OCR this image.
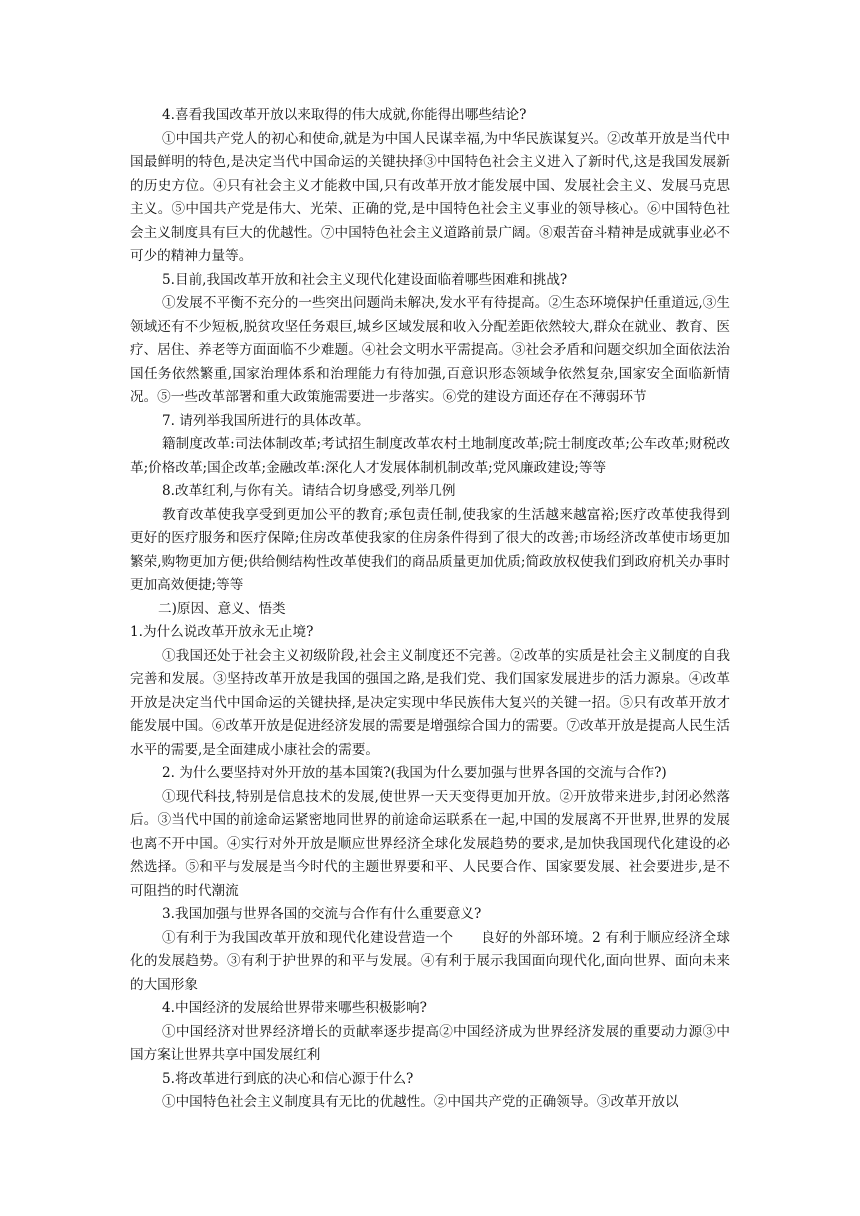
4.喜看我国改革开放以来取得的伟大成就,你能得出哪些结论?

①中国共产党人的初心和使命,就是为中国人民谋幸福,为中华民族谋复兴。②改革开放是当代中国最鲜明的特色,是决定当代中国命运的关键抉择③中国特色社会主义进入了新时代,这是我国发展新的历史方位。④只有社会主义才能救中国,只有改革开放才能发展中国、发展社会主义、发展马克思主义。⑤中国共产党是伟大、光荣、正确的党,是中国特色社会主义事业的领导核心。⑥中国特色社会主义制度具有巨大的优越性。⑦中国特色社会主义道路前景广阔。⑧艰苦奋斗精神是成就事业必不可少的精神力量等。

5.目前,我国改革开放和社会主义现代化建设面临着哪些困难和挑战?

①发展不平衡不充分的一些突出问题尚未解决,发水平有待提高。②生态环境保护任重道远,③生领域还有不少短板,脱贫攻坚任务艰巨,城乡区域发展和收入分配差距依然较大,群众在就业、教育、医疗、居住、养老等方面面临不少难题。④社会文明水平需提高。③社会矛盾和问题交织加全面依法治国任务依然繁重,国家治理体系和治理能力有待加强,百意识形态领域争依然复杂,国家安全面临新情况。⑤一些改革部署和重大政策施需要进一步落实。⑥党的建设方面还存在不薄弱环节

7. 请列举我国所进行的具体改革。

籍制度改革:司法体制改革;考试招生制度改革农村土地制度改革;院士制度改革;公车改革;财税改革;价格改革;国企改革;金融改革:深化人才发展体制机制改革;党风廉政建设;等等

8.改革红利,与你有关。请结合切身感受,列举几例

教育改革使我享受到更加公平的教育;承包责任制,使我家的生活越来越富裕;医疗改革使我得到更好的医疗服务和医疗保障;住房改革使我家的住房条件得到了很大的改善;市场经济改革使市场更加繁荣,购物更加方便;供给侧结构性改革使我们的商品质量更加优质;简政放权使我们到政府机关办事时更加高效便捷;等等

二)原因、意义、悟类

1.为什么说改革开放永无止境?

①我国还处于社会主义初级阶段,社会主义制度还不完善。②改革的实质是社会主义制度的自我完善和发展。③坚持改革开放是我国的强国之路,是我们党、我们国家发展进步的活力源泉。④改革开放是决定当代中国命运的关键抉择,是决定实现中华民族伟大复兴的关键一招。⑤只有改革开放才能发展中国。⑥改革开放是促进经济发展的需要是增强综合国力的需要。⑦改革开放是提高人民生活水平的需要,是全面建成小康社会的需要。

2. 为什么要坚持对外开放的基本国策?(我国为什么要加强与世界各国的交流与合作?)

①现代科技,特别是信息技术的发展,使世界一天天变得更加开放。②开放带来进步,封闭必然落后。③当代中国的前途命运紧密地同世界的前途命运联系在一起,中国的发展离不开世界,世界的发展也离不开中国。④实行对外开放是顺应世界经济全球化发展趋势的要求,是加快我国现代化建设的必然选择。⑤和平与发展是当今时代的主题世界要和平、人民要合作、国家要发展、社会要进步,是不可阻挡的时代潮流

3.我国加强与世界各国的交流与合作有什么重要意义?

①有利于为我国改革开放和现代化建设营造一个　　良好的外部环境。2 有利于顺应经济全球化的发展趋势。③有利于护世界的和平与发展。④有利于展示我国面向现代化,面向世界、面向未来的大国形象

4.中国经济的发展给世界带来哪些积极影响?

①中国经济对世界经济增长的贡献率逐步提高②中国经济成为世界经济发展的重要动力源③中国方案让世界共享中国发展红利

5.将改革进行到底的决心和信心源于什么?

①中国特色社会主义制度具有无比的优越性。②中国共产党的正确领导。③改革开放以
